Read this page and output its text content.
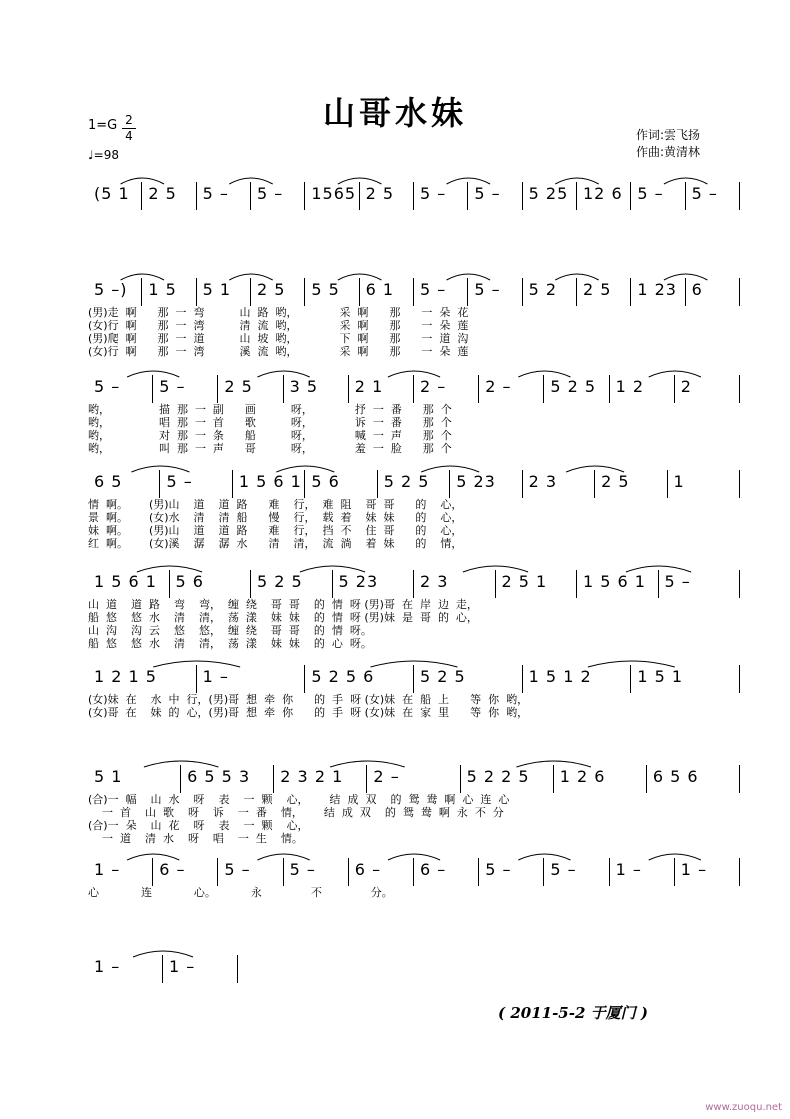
山哥水妹
1=G 2
4
♩=98
作词:雲飞扬
作曲:黄清林
(5 1 2 5 5 – 5 – 1565 2 5 5 – 5 – 5 25 12 6 5 – 5 –
5 –) 1 5 5 1 2 5 5 5 6 1 5 – 5 – 5 2 2 5 1 23 6
(男)走  啊      那  一  弯          山  路  哟，            采  啊      那      一  朵  花
(女)行  啊      那  一  湾          清  流  哟，            采  啊      那      一  朵  莲
(男)爬  啊      那  一  道          山  坡  哟，            下  啊      那      一  道  沟
(女)行  啊      那  一  湾          溪  流  哟，            采  啊      那      一  朵  莲
5 – 5 – 2 5 3 5 2 1 2 – 2 – 5 2 5 1 2 2
哟，              描  那  一  副      画          呀，            抒  一  番      那  个
哟，              唱  那  一  首      歌          呀，            诉  一  番      那  个
哟，              对  那  一  条      船          呀，            喊  一  声      那  个
哟，              叫  那  一  声      哥          呀，            羞  一  脸      那  个
6 5	5 –	1 5 6 1 5 6	5 2 5 5 23 2 3	2 5	1
情  啊。      (男)山    道    道  路      难    行，  难  阻    哥  哥      的    心，
景  啊。      (女)水    清    清  船      慢    行，  载  着    妹  妹      的    心，
妹  啊。      (男)山    道    道  路      难    行，  挡  不    住  哥      的    心，
红  啊。      (女)溪    潺    潺  水      清    清，  流  淌    着  妹      的    情，
1 5 6 1 5 6	5 2 5 5 23	2 3	2 5 1 1 5 6 1 5 –
山  道    道  路    弯    弯，  缠  绕    哥  哥    的  情  呀 (男)哥  在  岸  边  走，
船  悠    悠  水    清    清，  荡  漾    妹  妹    的  情  呀 (男)妹  是  哥  的  心，
山  沟    沟  云    悠    悠，  缠  绕    哥  哥    的  情  呀。
船  悠    悠  水    清    清，  荡  漾    妹  妹    的  心  呀。
1 2 1 5	1 –	5 2 5 6	5 2 5	1 5 1 2	1 5 1
(女)妹  在    水  中  行，(男)哥  想  牵  你      的  手  呀 (女)妹  在  船  上      等  你  哟，
(女)哥  在    妹  的  心，(男)哥  想  牵  你      的  手  呀 (女)妹  在  家  里      等  你  哟，
5 1	6 5 5 3 2 3 2 1 2 –	5 2 2 5 1 2 6	6 5 6
(合)一  幅    山  水    呀    表    一  颗    心，      结  成  双    的  鸳  鸯  啊  心  连  心
一  首    山  歌    呀    诉    一  番    情，      结  成  双    的  鸳  鸯  啊  永  不  分
(合)一  朵    山  花    呀    表    一  颗    心，
一  道    清  水    呀    唱    一  生    情。
1 – 6 – 5 – 5 – 6 – 6 – 5 – 5 – 1 – 1 –
心            连            心。          永              不              分。
1 –	1 –
( 2011-5-2 于厦门 )
www.zuoqu.net
